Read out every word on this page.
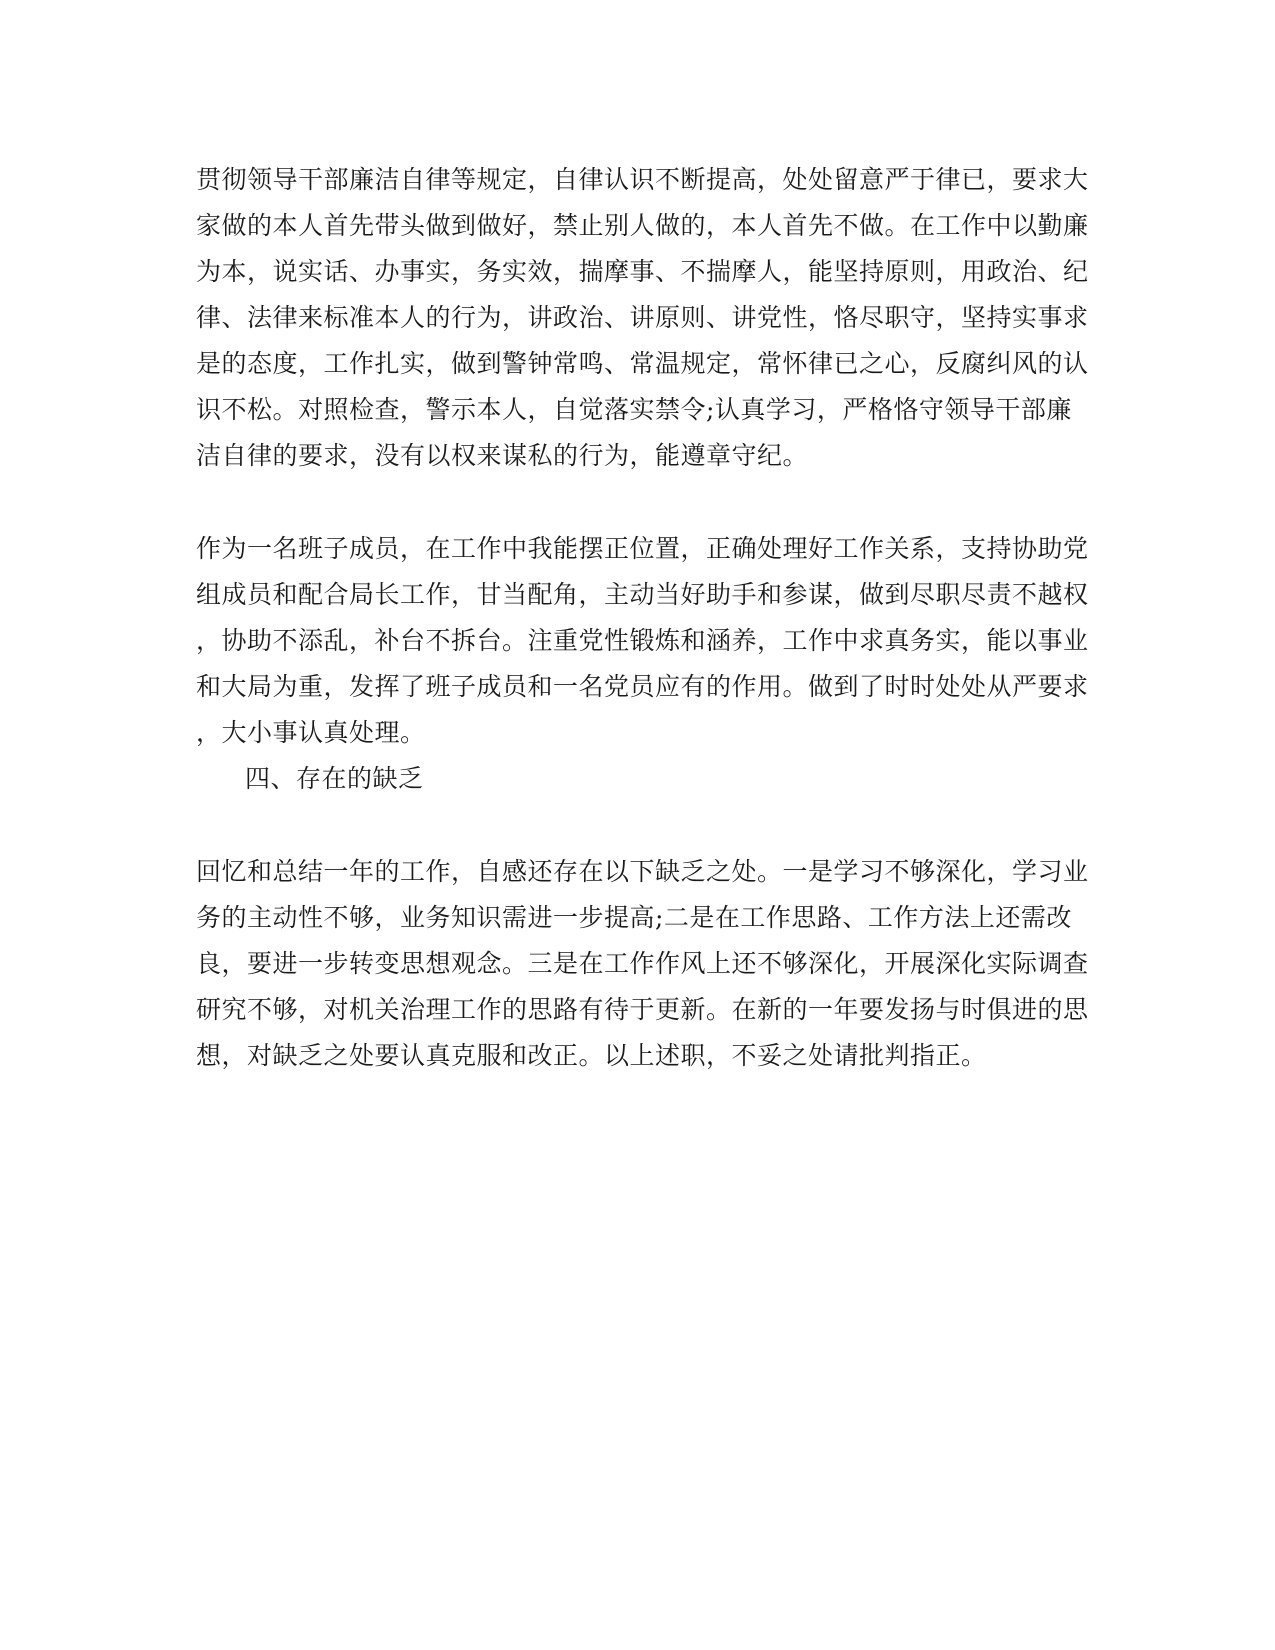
贯彻领导干部廉洁自律等规定，自律认识不断提高，处处留意严于律已，要求大

家做的本人首先带头做到做好，禁止别人做的，本人首先不做。在工作中以勤廉

为本，说实话、办事实，务实效，揣摩事、不揣摩人，能坚持原则，用政治、纪

律、法律来标准本人的行为，讲政治、讲原则、讲党性，恪尽职守，坚持实事求

是的态度，工作扎实，做到警钟常鸣、常温规定，常怀律已之心，反腐纠风的认

识不松。对照检查，警示本人，自觉落实禁令;认真学习，严格恪守领导干部廉

洁自律的要求，没有以权来谋私的行为，能遵章守纪。

作为一名班子成员，在工作中我能摆正位置，正确处理好工作关系，支持协助党

组成员和配合局长工作，甘当配角，主动当好助手和参谋，做到尽职尽责不越权

，协助不添乱，补台不拆台。注重党性锻炼和涵养，工作中求真务实，能以事业

和大局为重，发挥了班子成员和一名党员应有的作用。做到了时时处处从严要求

，大小事认真处理。

四、存在的缺乏

回忆和总结一年的工作，自感还存在以下缺乏之处。一是学习不够深化，学习业

务的主动性不够，业务知识需进一步提高;二是在工作思路、工作方法上还需改

良，要进一步转变思想观念。三是在工作作风上还不够深化，开展深化实际调查

研究不够，对机关治理工作的思路有待于更新。在新的一年要发扬与时俱进的思

想，对缺乏之处要认真克服和改正。以上述职，不妥之处请批判指正。
